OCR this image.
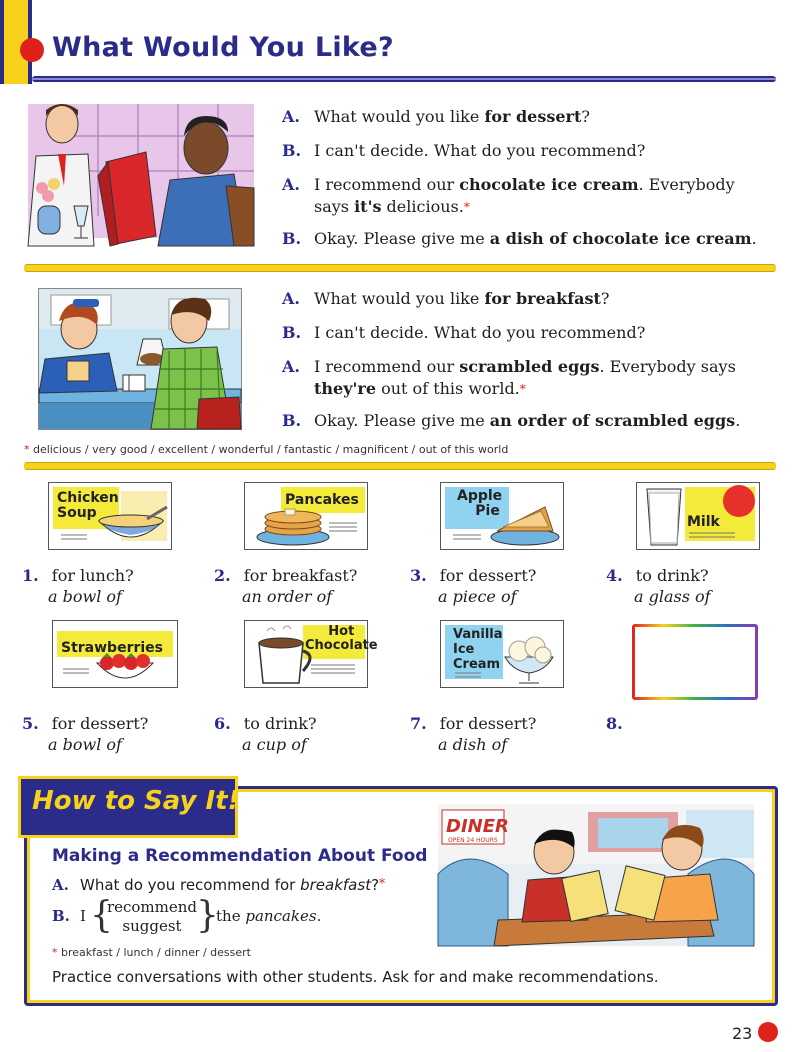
What Would You Like?
A. What would you like for dessert?
B. I can't decide. What do you recommend?
A. I recommend our chocolate ice cream. Everybody
says it's delicious.*
B. Okay. Please give me a dish of chocolate ice cream.
A. What would you like for breakfast?
B. I can't decide. What do you recommend?
A. I recommend our scrambled eggs. Everybody says
they're out of this world.*
B. Okay. Please give me an order of scrambled eggs.
* delicious / very good / excellent / wonderful / fantastic / magnificent / out of this world
Chicken
Soup
Pancakes	Apple
Pie
Milk
1. for lunch?
a bowl of
2. for breakfast?
an order of
3. for dessert?
a piece of
4. to drink?
a glass of
Strawberries
Hot
Chocolate
Vanilla
Ice
Cream
5. for dessert?
a bowl of
6. to drink?
a cup of
7. for dessert?
a dish of
8.
How to Say It!
Making a Recommendation About Food
A. What do you recommend for breakfast?*
B. I {
recommend
suggest }
the pancakes.
* breakfast / lunch / dinner / dessert
Practice conversations with other students. Ask for and make recommendations.
DINER
OPEN 24 HOURS
23
